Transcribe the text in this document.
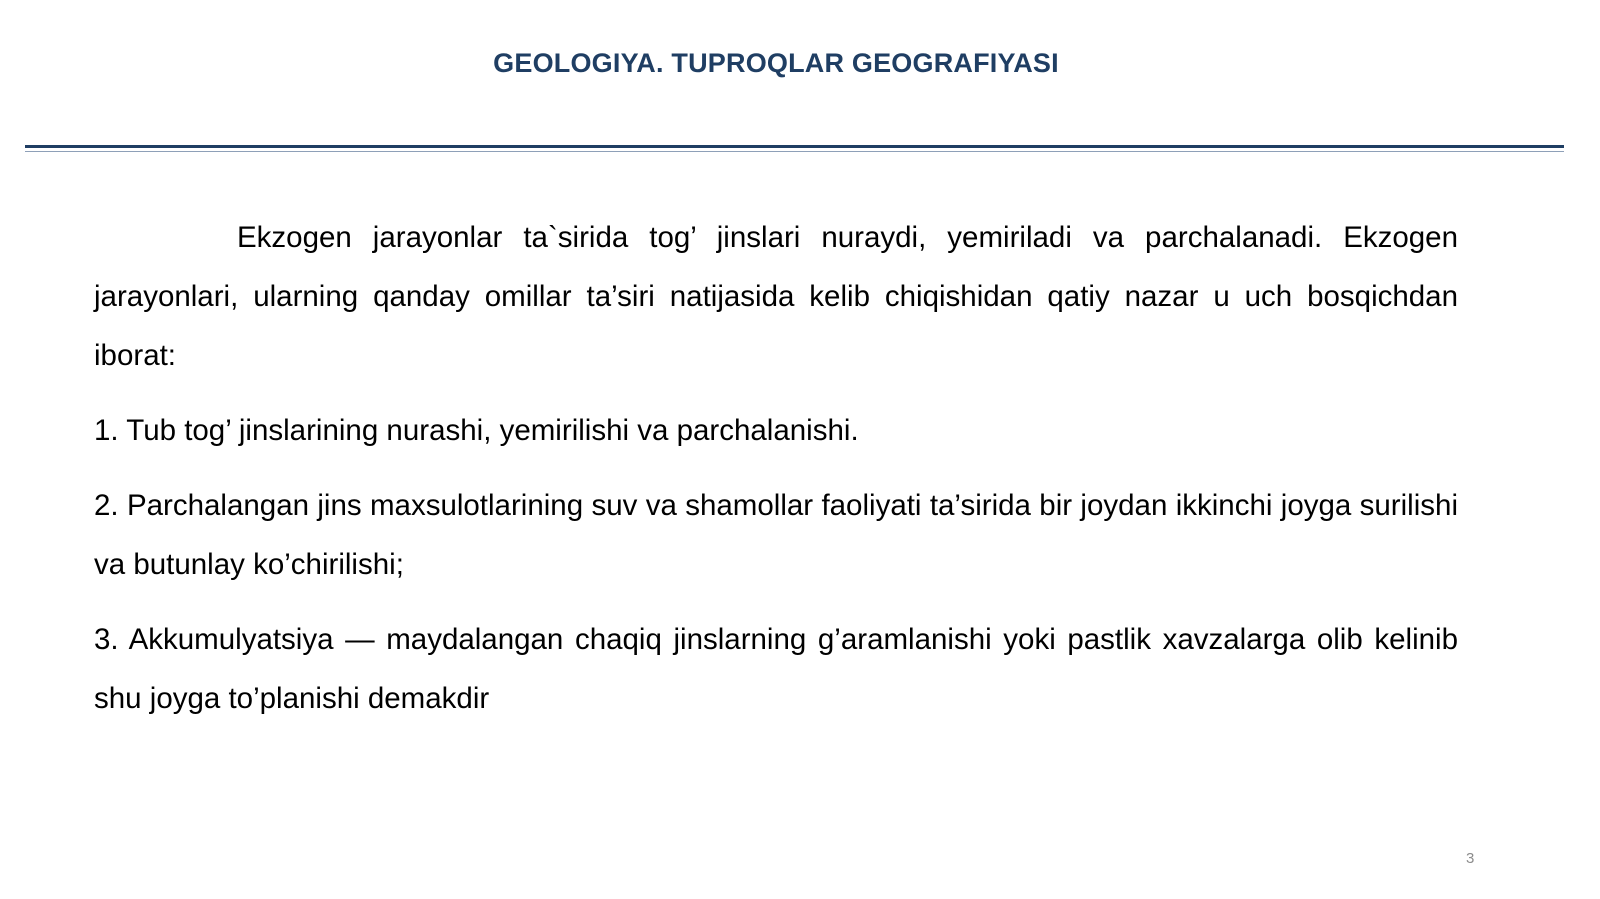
GEOLOGIYA. TUPROQLAR GEOGRAFIYASI

Ekzogen jarayonlar ta`sirida tog’ jinslari nuraydi, yemiriladi va parchalanadi. Ekzogen jarayonlari, ularning qanday omillar ta’siri natijasida kelib chiqishidan qatiy nazar u uch bosqichdan iborat:

1. Tub tog’ jinslarining nurashi, yemirilishi va parchalanishi.

2. Parchalangan jins maxsulotlarining suv va shamollar faoliyati ta’sirida bir joydan ikkinchi joyga surilishi va butunlay ko’chirilishi;

3. Akkumulyatsiya — maydalangan chaqiq jinslarning g’aramlanishi yoki pastlik xavzalarga olib kelinib shu joyga to’planishi demakdir

3
